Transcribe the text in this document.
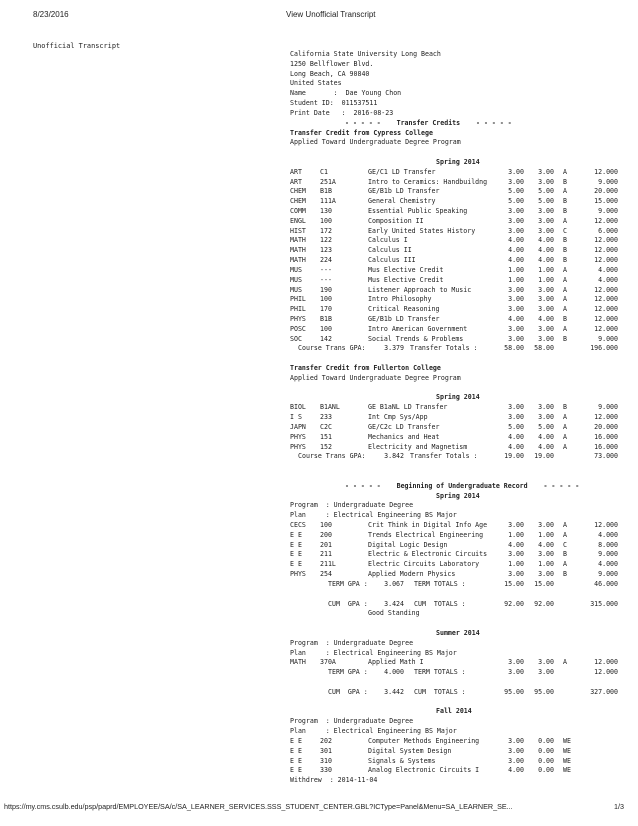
8/23/2016	View Unofficial Transcript
Unofficial Transcript
California State University Long Beach
1250 Bellflower Blvd.
Long Beach, CA 90840
United States
Name       :  Dae Young Chon
Student ID:  011537511
Print Date   :  2016-08-23
- - - - -    Transfer Credits    - - - - -
Transfer Credit from Cypress College
Applied Toward Undergraduate Degree Program
Spring 2014
ART	C1	GE/C1 LD Transfer	3.00 3.00 A	12.000
ART	251A	Intro to Ceramics: Handbuildng	3.00 3.00 B	9.000
CHEM B1B	GE/B1b LD Transfer	5.00 5.00 A	20.000
CHEM 111A	General Chemistry	5.00 5.00 B	15.000
COMM 130	Essential Public Speaking	3.00 3.00 B	9.000
ENGL 100	Composition II	3.00 3.00 A	12.000
HIST 172	Early United States History	3.00 3.00 C	6.000
MATH 122	Calculus I	4.00 4.00 B	12.000
MATH 123	Calculus II	4.00 4.00 B	12.000
MATH 224	Calculus III	4.00 4.00 B	12.000
MUS	---	Mus Elective Credit	1.00 1.00 A	4.000
MUS	---	Mus Elective Credit	1.00 1.00 A	4.000
MUS	190	Listener Approach to Music	3.00 3.00 A	12.000
PHIL 100	Intro Philosophy	3.00 3.00 A	12.000
PHIL 170	Critical Reasoning	3.00 3.00 A	12.000
PHYS B1B	GE/B1b LD Transfer	4.00 4.00 B	12.000
POSC 100	Intro American Government	3.00 3.00 A	12.000
SOC	142	Social Trends & Problems	3.00 3.00 B	9.000
Course Trans GPA:	3.379 Transfer Totals :	58.00 58.00	196.000
Transfer Credit from Fullerton College
Applied Toward Undergraduate Degree Program
Spring 2014
BIOL B1ANL	GE B1aNL LD Transfer	3.00 3.00 B	9.000
I S	233	Int Cmp Sys/App	3.00 3.00 A	12.000
JAPN C2C	GE/C2c LD Transfer	5.00 5.00 A	20.000
PHYS 151	Mechanics and Heat	4.00 4.00 A	16.000
PHYS 152	Electricity and Magnetism	4.00 4.00 A	16.000
Course Trans GPA:	3.842 Transfer Totals :	19.00 19.00	73.000
- - - - -    Beginning of Undergraduate Record    - - - - -
Spring 2014
Program  : Undergraduate Degree
Plan     : Electrical Engineering BS Major
CECS 100	Crit Think in Digital Info Age	3.00 3.00 A	12.000
E E	200	Trends Electrical Engineering	1.00 1.00 A	4.000
E E	201	Digital Logic Design	4.00 4.00 C	8.000
E E	211	Electric & Electronic Circuits	3.00 3.00 B	9.000
E E	211L	Electric Circuits Laboratory	1.00 1.00 A	4.000
PHYS 254	Applied Modern Physics	3.00 3.00 B	9.000
TERM GPA : 3.067 TERM TOTALS :	15.00 15.00	46.000
CUM  GPA : 3.424 CUM  TOTALS :	92.00 92.00	315.000
Good Standing
Summer 2014
Program  : Undergraduate Degree
Plan     : Electrical Engineering BS Major
MATH 370A	Applied Math I	3.00 3.00 A	12.000
TERM GPA : 4.000 TERM TOTALS :	3.00 3.00	12.000
CUM  GPA : 3.442 CUM  TOTALS :	95.00 95.00	327.000
Fall 2014
Program  : Undergraduate Degree
Plan     : Electrical Engineering BS Major
E E	202	Computer Methods Engineering	3.00 0.00 WE
E E	301	Digital System Design	3.00 0.00 WE
E E	310	Signals & Systems	3.00 0.00 WE
E E	330	Analog Electronic Circuits I	4.00 0.00 WE
Withdrew  : 2014-11-04
https://my.cms.csulb.edu/psp/paprd/EMPLOYEE/SA/c/SA_LEARNER_SERVICES.SSS_STUDENT_CENTER.GBL?ICType=Panel&Menu=SA_LEARNER_SE...	1/3
